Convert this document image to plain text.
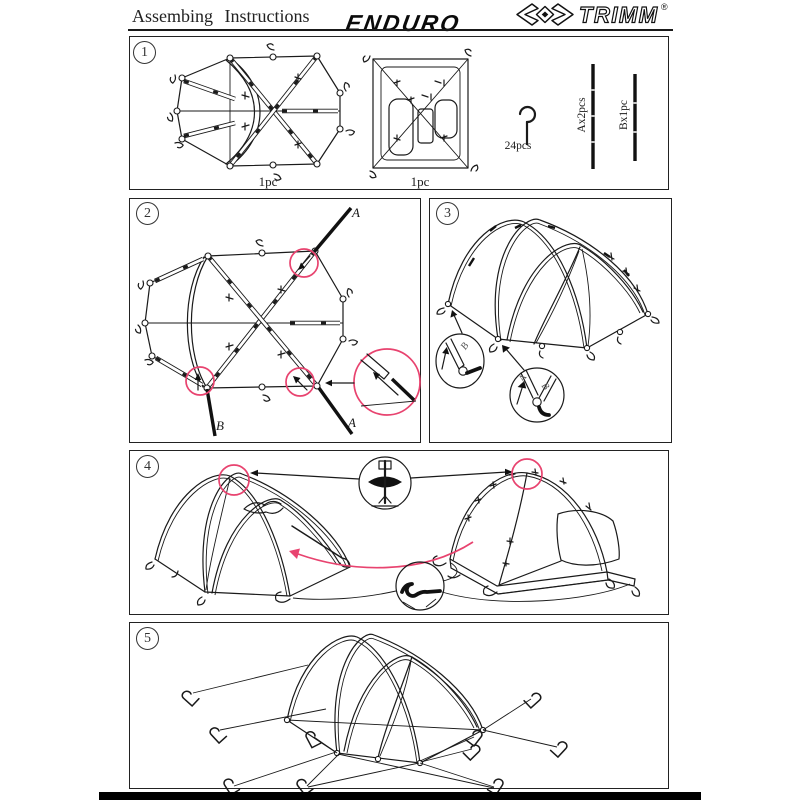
Assembing Instructions ENDURO	TRIMM ®
1
1pc	1pc
24pcs
Ax2pcs	Bx1pc
2	A
A
B
3
B
A
B
4
5
